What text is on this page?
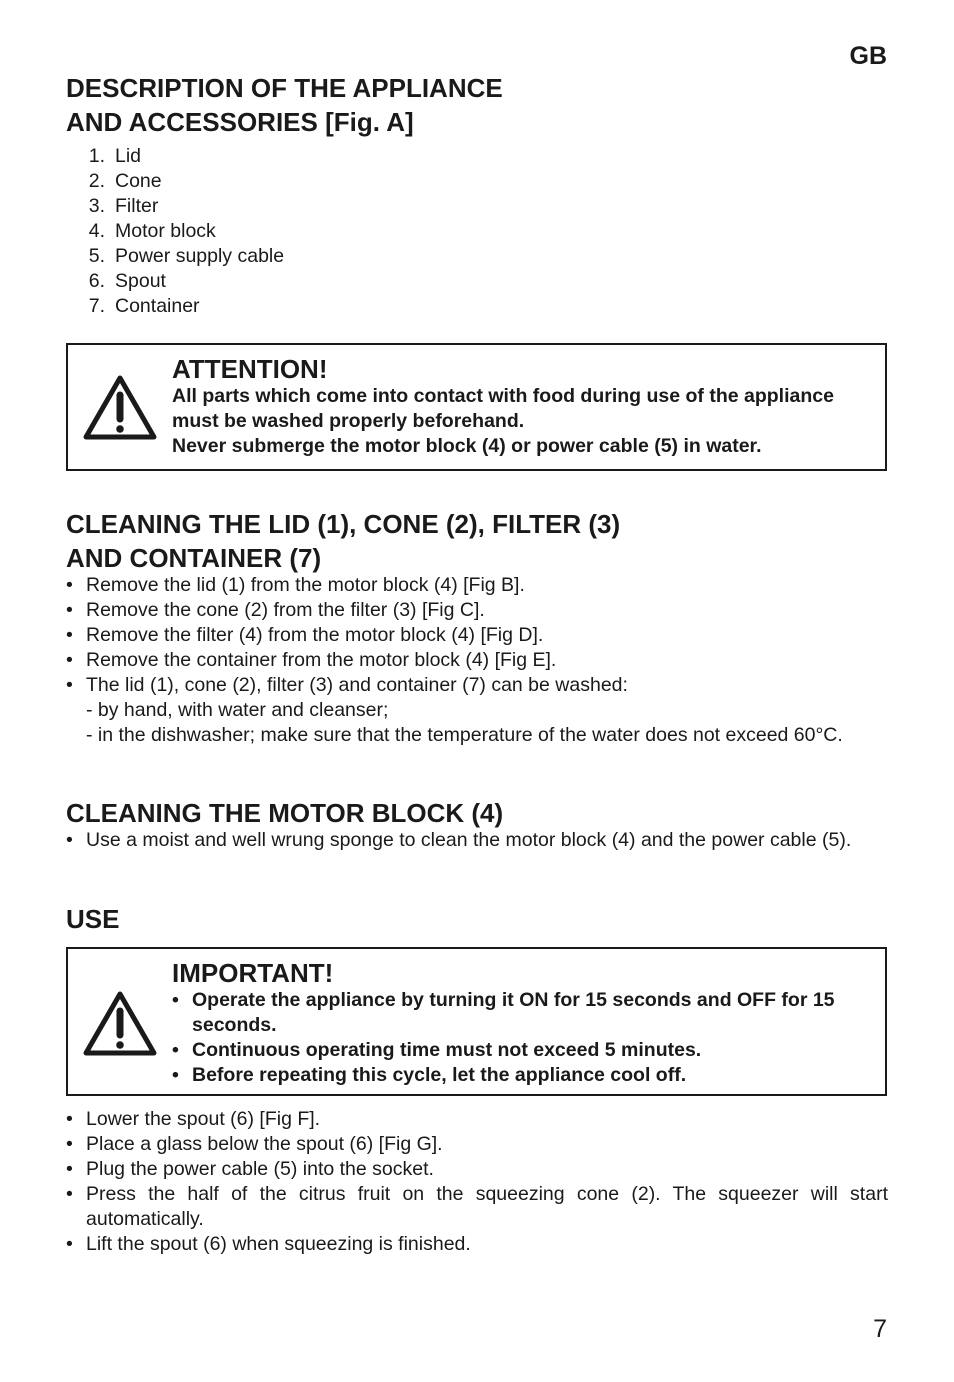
GB

7

DESCRIPTION OF THE APPLIANCE
AND ACCESSORIES [Fig. A]
1. Lid
2. Cone
3. Filter
4. Motor block
5. Power supply cable
6. Spout
7. Container
ATTENTION!

All parts which come into contact with food during use of the appliance must be washed properly beforehand.

Never submerge the motor block (4) or power cable (5) in water.

CLEANING THE LID (1), CONE (2), FILTER (3)
AND CONTAINER (7)
• Remove the lid (1) from the motor block (4) [Fig B].
• Remove the cone (2) from the filter (3) [Fig C].
• Remove the filter (4) from the motor block (4) [Fig D].
• Remove the container from the motor block (4) [Fig E].
• The lid (1), cone (2), filter (3) and container (7) can be washed:
- by hand, with water and cleanser;
- in the dishwasher; make sure that the temperature of the water does not exceed 60°C.
CLEANING THE MOTOR BLOCK (4)
• Use a moist and well wrung sponge to clean the motor block (4) and the power cable (5).
USE
IMPORTANT!
• Operate the appliance by turning it ON for 15 seconds and OFF for 15 seconds.
• Continuous operating time must not exceed 5 minutes.
• Before repeating this cycle, let the appliance cool off.
• Lower the spout (6) [Fig F].
• Place a glass below the spout (6) [Fig G].
• Plug the power cable (5) into the socket.
• Press the half of the citrus fruit on the squeezing cone (2). The squeezer will start automatically.
• Lift the spout (6) when squeezing is finished.
